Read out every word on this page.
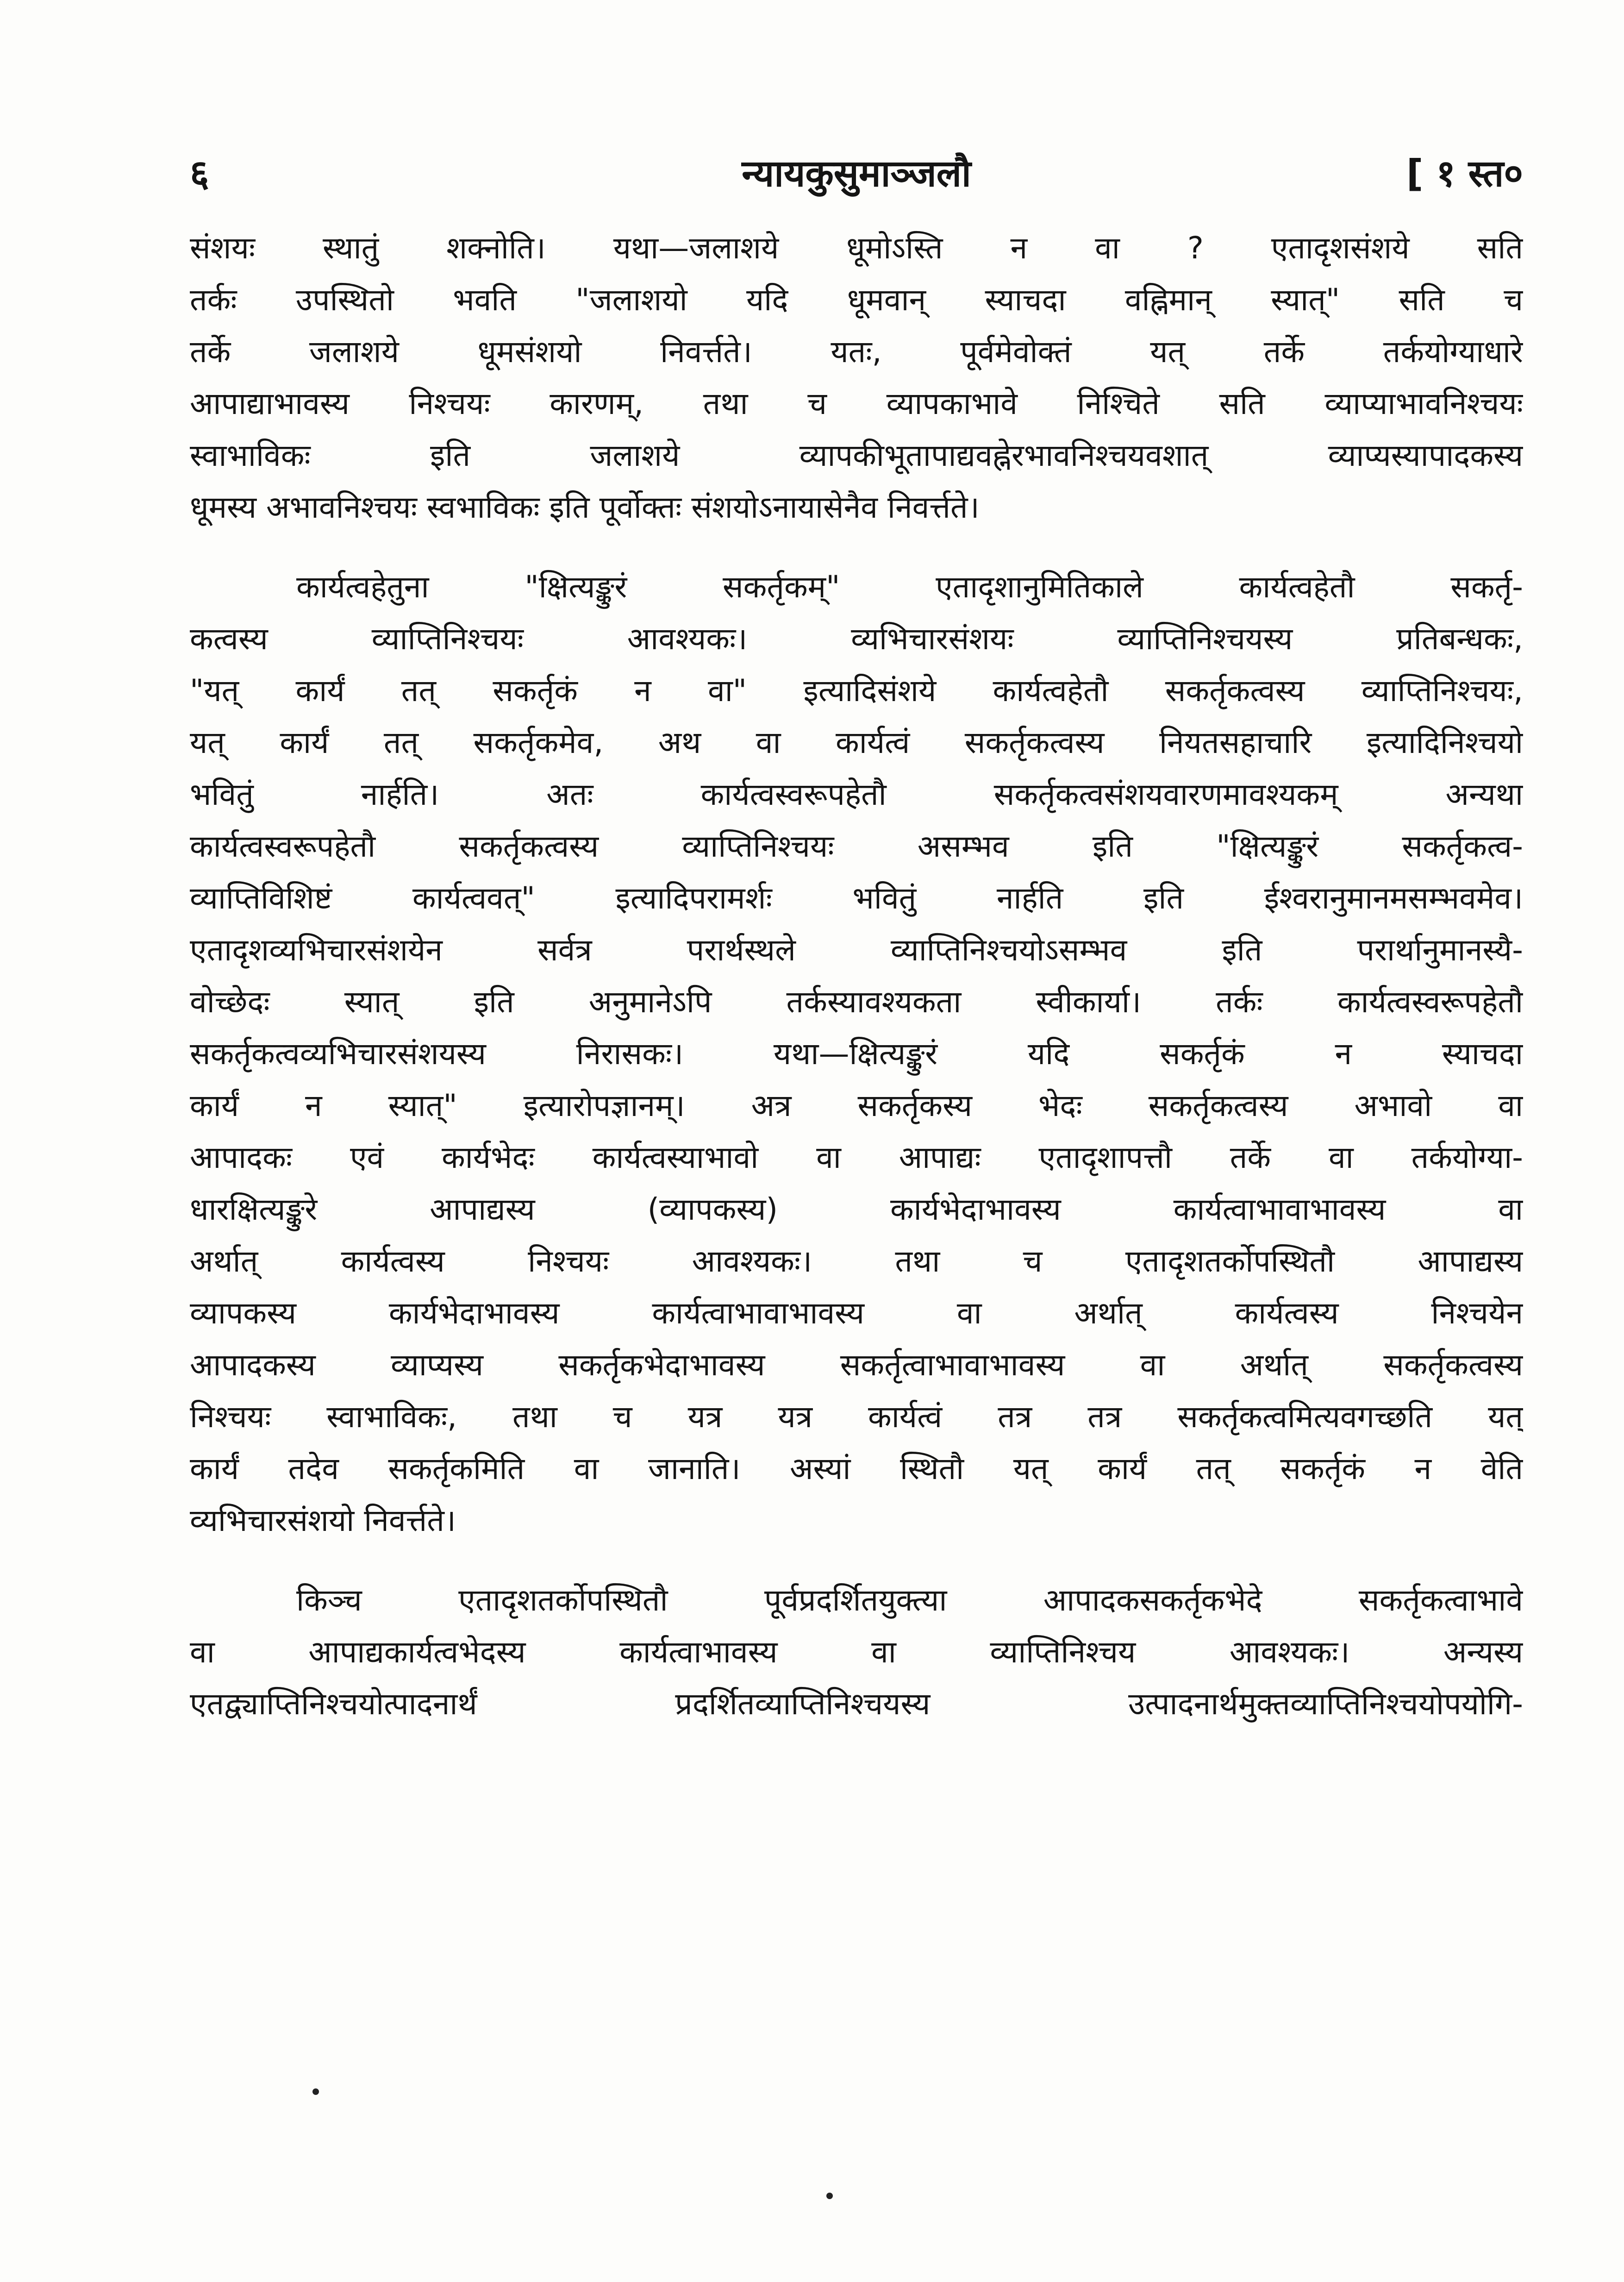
६	न्यायकुसुमाञ्जलौ	[ १ स्त०

संशयः स्थातुं शक्नोति। यथा—जलाशये धूमोऽस्ति न वा ? एतादृशसंशये सति
तर्कः उपस्थितो भवति "जलाशयो यदि धूमवान् स्याचदा वह्निमान् स्यात्" सति च
तर्के जलाशये धूमसंशयो निवर्त्तते। यतः, पूर्वमेवोक्तं यत् तर्के तर्कयोग्याधारे
आपाद्याभावस्य निश्चयः कारणम्, तथा च व्यापकाभावे निश्चिते सति व्याप्याभावनिश्चयः
स्वाभाविकः इति जलाशये व्यापकीभूतापाद्यवह्नेरभावनिश्चयवशात् व्याप्यस्यापादकस्य
धूमस्य अभावनिश्चयः स्वभाविकः इति पूर्वोक्तः संशयोऽनायासेनैव निवर्त्तते।

कार्यत्वहेतुना "क्षित्यङ्कुरं सकर्तृकम्" एतादृशानुमितिकाले कार्यत्वहेतौ सकर्तृ-
कत्वस्य व्याप्तिनिश्चयः आवश्यकः। व्यभिचारसंशयः व्याप्तिनिश्चयस्य प्रतिबन्धकः,
"यत् कार्यं तत् सकर्तृकं न वा" इत्यादिसंशये कार्यत्वहेतौ सकर्तृकत्वस्य व्याप्तिनिश्चयः,
यत् कार्यं तत् सकर्तृकमेव, अथ वा कार्यत्वं सकर्तृकत्वस्य नियतसहाचारि इत्यादिनिश्चयो
भवितुं नार्हति। अतः कार्यत्वस्वरूपहेतौ सकर्तृकत्वसंशयवारणमावश्यकम् अन्यथा
कार्यत्वस्वरूपहेतौ सकर्तृकत्वस्य व्याप्तिनिश्चयः असम्भव इति "क्षित्यङ्कुरं सकर्तृकत्व-
व्याप्तिविशिष्टं कार्यत्ववत्" इत्यादिपरामर्शः भवितुं नार्हति इति ईश्वरानुमानमसम्भवमेव।
एतादृशव्यभिचारसंशयेन सर्वत्र परार्थस्थले व्याप्तिनिश्चयोऽसम्भव इति परार्थानुमानस्यै-
वोच्छेदः स्यात् इति अनुमानेऽपि तर्कस्यावश्यकता स्वीकार्या। तर्कः कार्यत्वस्वरूपहेतौ
सकर्तृकत्वव्यभिचारसंशयस्य निरासकः। यथा—क्षित्यङ्कुरं यदि सकर्तृकं न स्याचदा
कार्यं न स्यात्" इत्यारोपज्ञानम्। अत्र सकर्तृकस्य भेदः सकर्तृकत्वस्य अभावो वा
आपादकः एवं कार्यभेदः कार्यत्वस्याभावो वा आपाद्यः एतादृशापत्तौ तर्के वा तर्कयोग्या-
धारक्षित्यङ्कुरे आपाद्यस्य (व्यापकस्य) कार्यभेदाभावस्य कार्यत्वाभावाभावस्य वा
अर्थात् कार्यत्वस्य निश्चयः आवश्यकः। तथा च एतादृशतर्कोपस्थितौ आपाद्यस्य
व्यापकस्य कार्यभेदाभावस्य कार्यत्वाभावाभावस्य वा अर्थात् कार्यत्वस्य निश्चयेन
आपादकस्य व्याप्यस्य सकर्तृकभेदाभावस्य सकर्तृत्वाभावाभावस्य वा अर्थात् सकर्तृकत्वस्य
निश्चयः स्वाभाविकः, तथा च यत्र यत्र कार्यत्वं तत्र तत्र सकर्तृकत्वमित्यवगच्छति यत्
कार्यं तदेव सकर्तृकमिति वा जानाति। अस्यां स्थितौ यत् कार्यं तत् सकर्तृकं न वेति
व्यभिचारसंशयो निवर्त्तते।

किञ्च एतादृशतर्कोपस्थितौ पूर्वप्रदर्शितयुक्त्या आपादकसकर्तृकभेदे सकर्तृकत्वाभावे
वा आपाद्यकार्यत्वभेदस्य कार्यत्वाभावस्य वा व्याप्तिनिश्चय आवश्यकः। अन्यस्य
एतद्व्याप्तिनिश्चयोत्पादनार्थं प्रदर्शितव्याप्तिनिश्चयस्य उत्पादनार्थमुक्तव्याप्तिनिश्चयोपयोगि-
